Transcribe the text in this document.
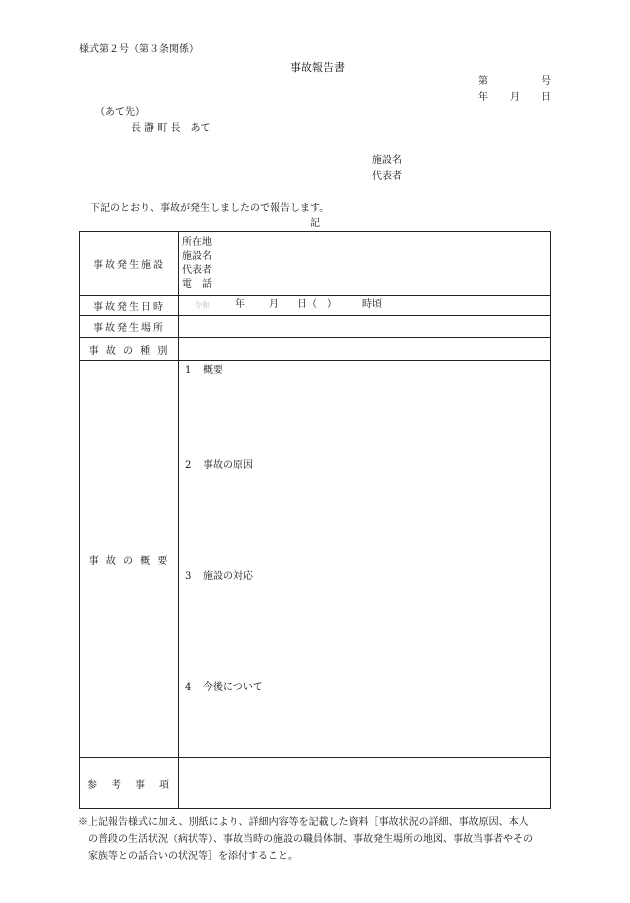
様式第２号（第３条関係）
事故報告書
第	号
年 月 日
（あて先）
長 瀞 町 長　あて
施設名
代表者
下記のとおり、事故が発生しましたので報告します。
記
事故発生施設	所在地
施設名
代表者
電　話

事故発生日時	令和 年 月 日（　） 時頃

事故発生場所	
事 故 の 種 別	
事 故 の 概 要	1 概要
2 事故の原因
3 施設の対応
4 今後について

参　考　事　項	
※上記報告様式に加え、別紙により、詳細内容等を記載した資料［事故状況の詳細、事故原因、本人
の普段の生活状況（病状等）、事故当時の施設の職員体制、事故発生場所の地図、事故当事者やその
家族等との話合いの状況等］を添付すること。
